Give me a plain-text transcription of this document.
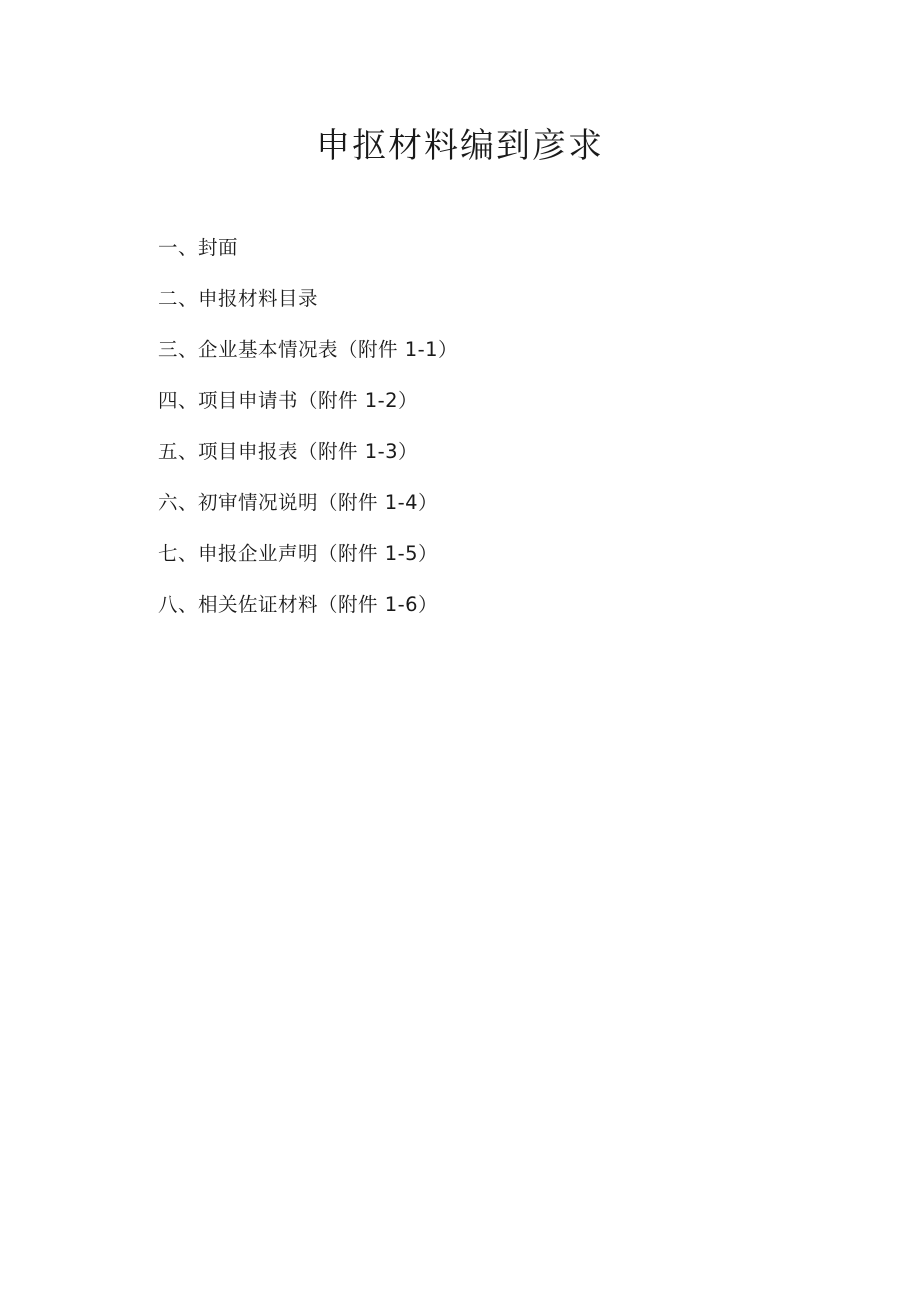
申抠材料编到彦求
一、封面
二、申报材料目录
三、企业基本情况表（附件 1-1）
四、项目申请书（附件 1-2）
五、项目申报表（附件 1-3）
六、初审情况说明（附件 1-4）
七、申报企业声明（附件 1-5）
八、相关佐证材料（附件 1-6）
